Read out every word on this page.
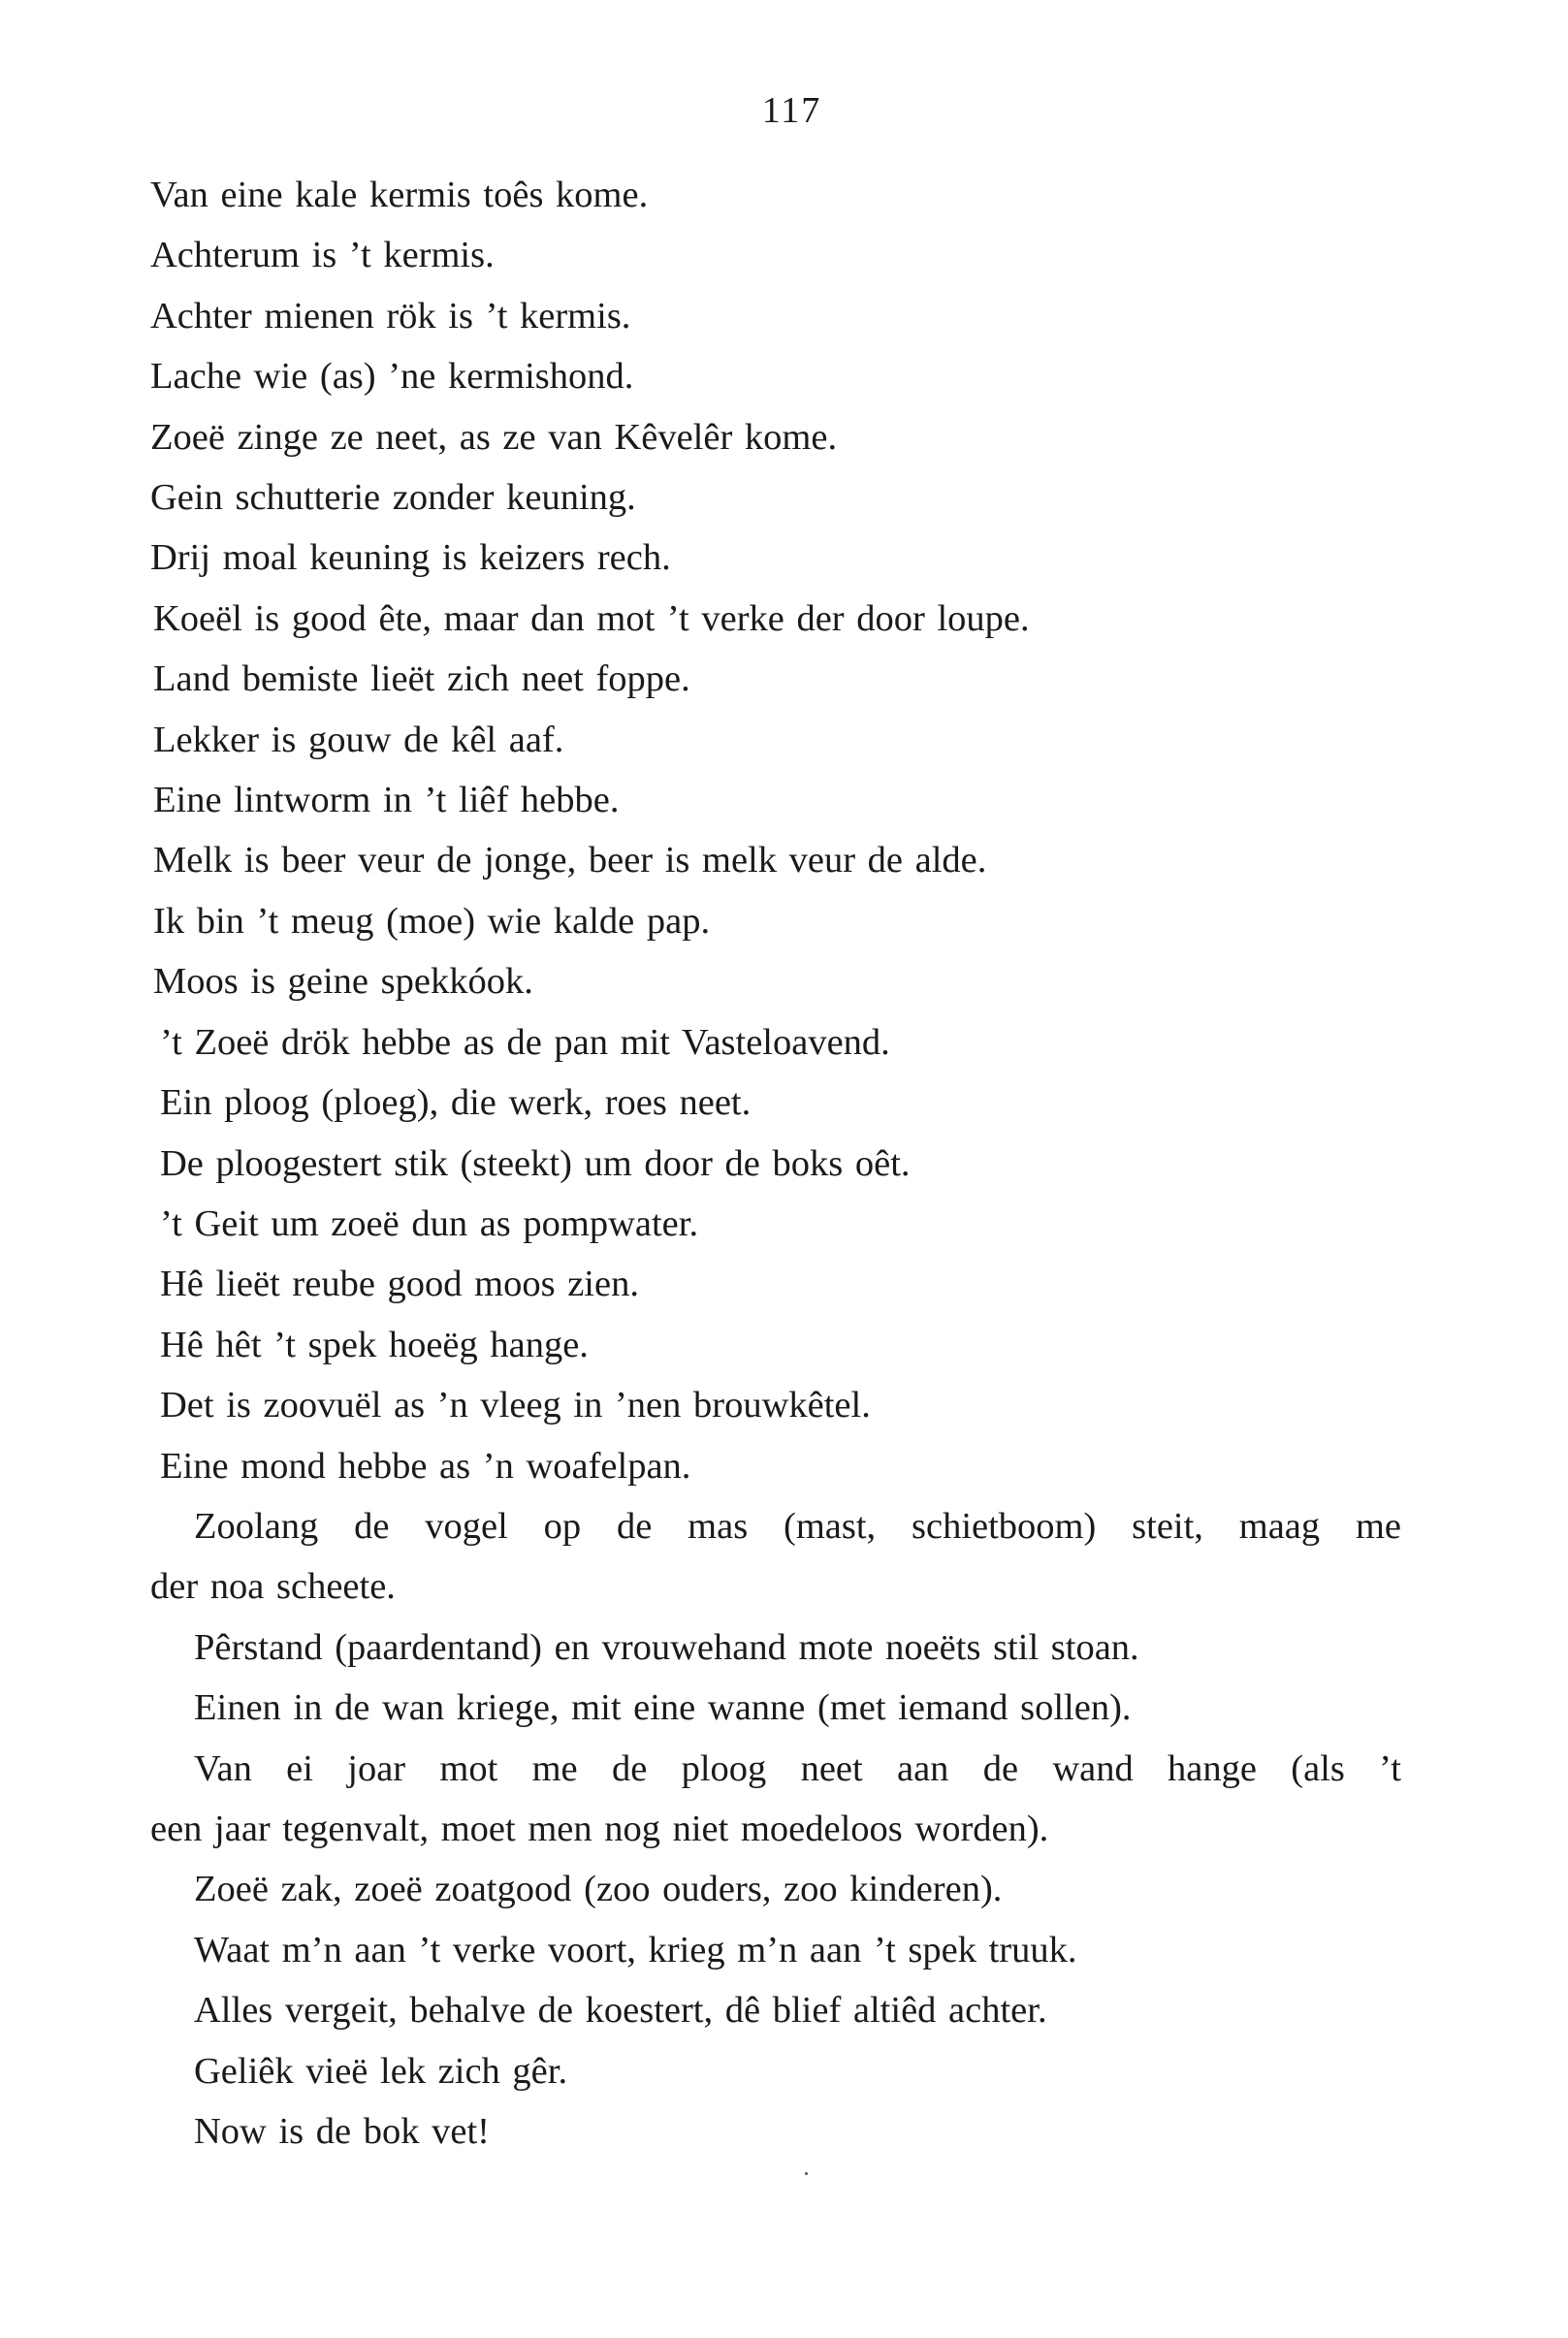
117
Van eine kale kermis toês kome.
Achterum is ’t kermis.
Achter mienen rök is ’t kermis.
Lache wie (as) ’ne kermishond.
Zoeë zinge ze neet, as ze van Kêvelêr kome.
Gein schutterie zonder keuning.
Drij moal keuning is keizers rech.
Koeël is good ête, maar dan mot ’t verke der door loupe.
Land bemiste lieët zich neet foppe.
Lekker is gouw de kêl aaf.
Eine lintworm in ’t liêf hebbe.
Melk is beer veur de jonge, beer is melk veur de alde.
Ik bin ’t meug (moe) wie kalde pap.
Moos is geine spekkóok.
’t Zoeë drök hebbe as de pan mit Vasteloavend.
Ein ploog (ploeg), die werk, roes neet.
De ploogestert stik (steekt) um door de boks oêt.
’t Geit um zoeë dun as pompwater.
Hê lieët reube good moos zien.
Hê hêt ’t spek hoeëg hange.
Det is zoovuël as ’n vleeg in ’nen brouwkêtel.
Eine mond hebbe as ’n woafelpan.
Zoolang de vogel op de mas (mast, schietboom) steit, maag me
der noa scheete.
Pêrstand (paardentand) en vrouwehand mote noeëts stil stoan.
Einen in de wan kriege, mit eine wanne (met iemand sollen).
Van ei joar mot me de ploog neet aan de wand hange (als ’t
een jaar tegenvalt, moet men nog niet moedeloos worden).
Zoeë zak, zoeë zoatgood (zoo ouders, zoo kinderen).
Waat m’n aan ’t verke voort, krieg m’n aan ’t spek truuk.
Alles vergeit, behalve de koestert, dê blief altiêd achter.
Geliêk vieë lek zich gêr.
Now is de bok vet!
